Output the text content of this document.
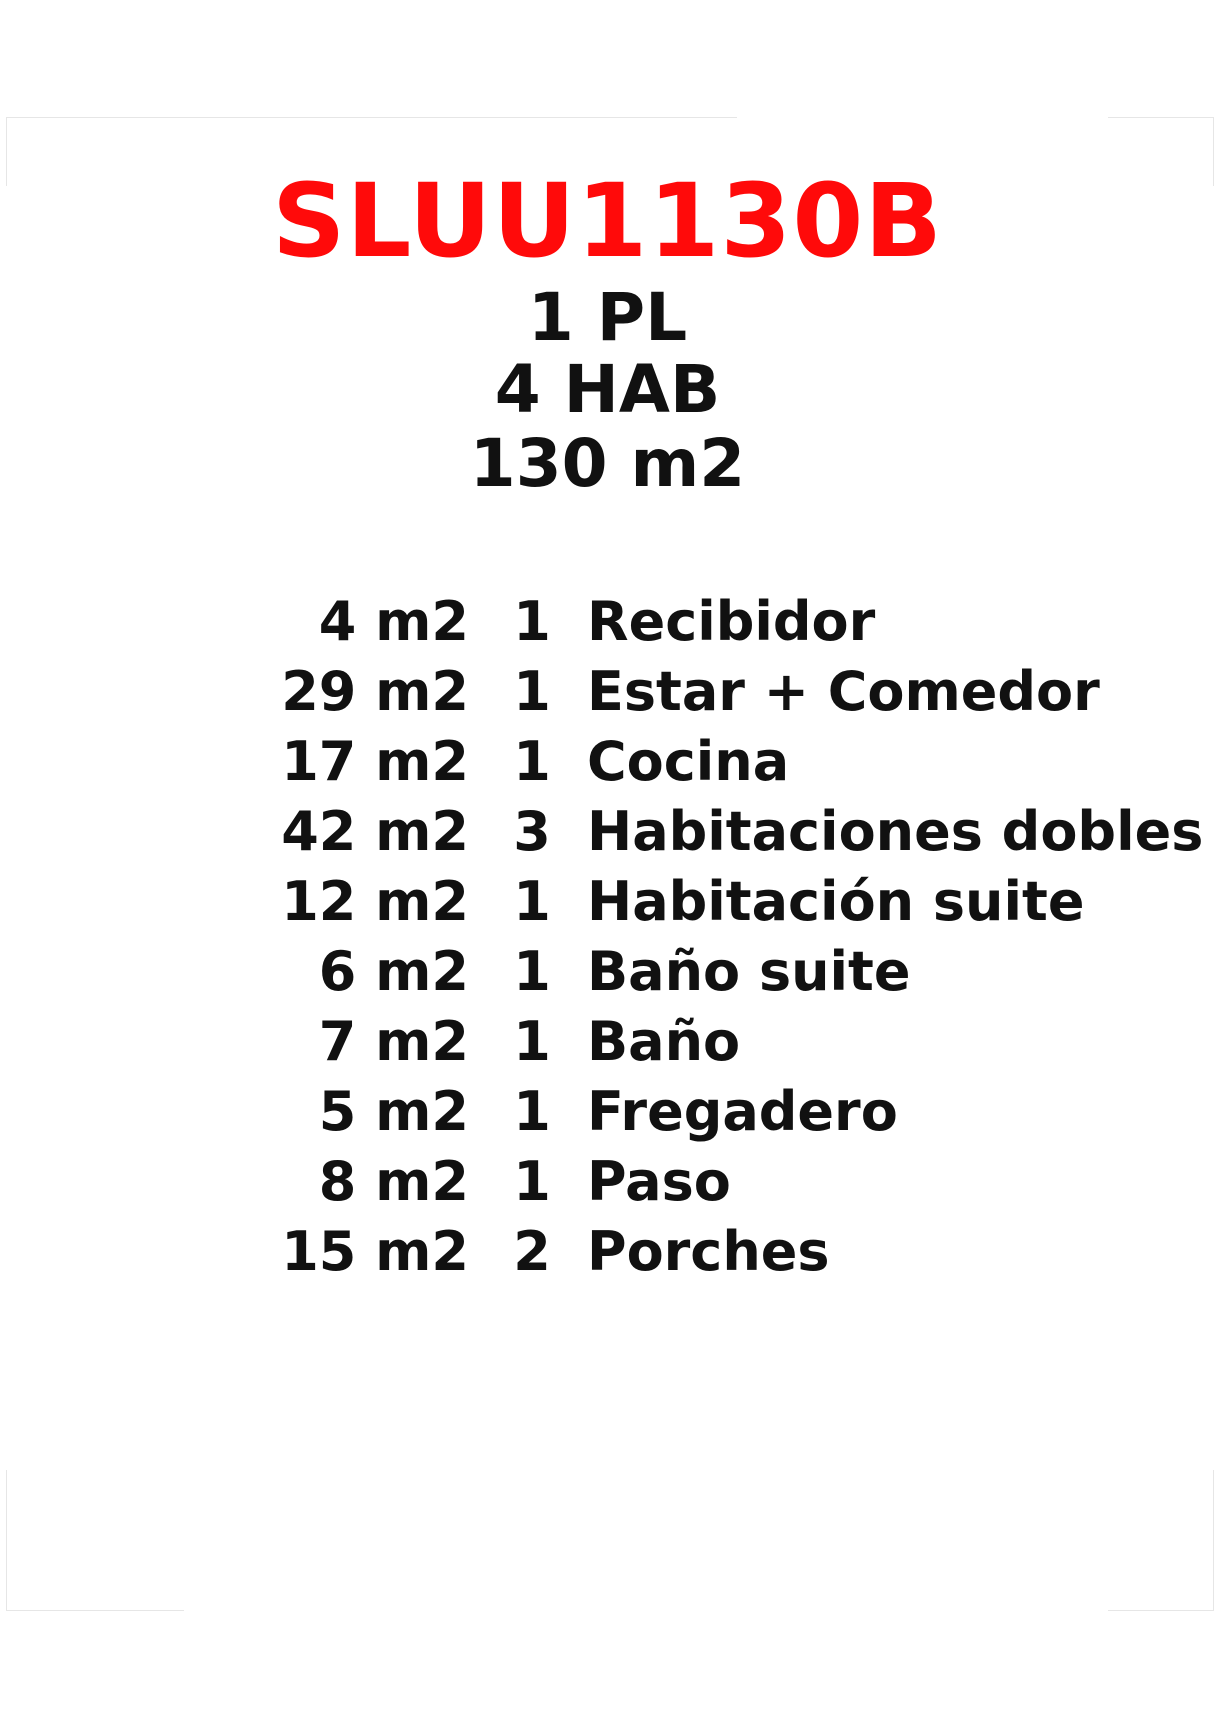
SLUU1130B
1 PL
4 HAB
130 m2
4 m2 1 Recibidor
29 m2 1 Estar + Comedor
17 m2 1 Cocina
42 m2 3 Habitaciones dobles
12 m2 1 Habitación suite
6 m2 1 Baño suite
7 m2 1 Baño
5 m2 1 Fregadero
8 m2 1 Paso
15 m2 2 Porches
